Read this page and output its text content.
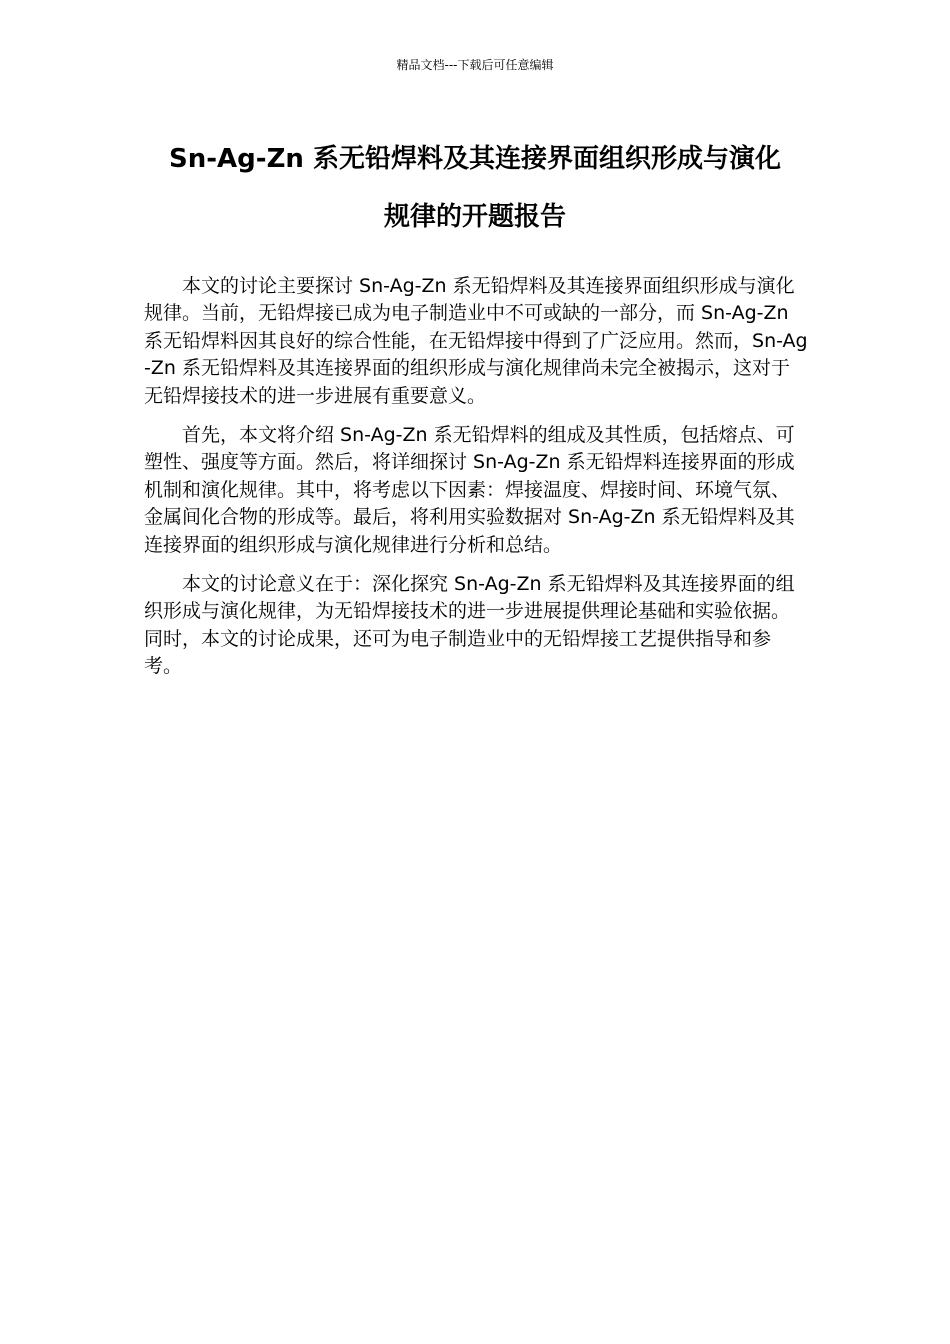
精品文档---下载后可任意编辑
Sn-Ag-Zn 系无铅焊料及其连接界面组织形成与演化
规律的开题报告

本文的讨论主要探讨 Sn-Ag-Zn 系无铅焊料及其连接界面组织形成与演化规律。当前，无铅焊接已成为电子制造业中不可或缺的一部分，而 Sn-Ag-Zn 系无铅焊料因其良好的综合性能，在无铅焊接中得到了广泛应用。然而，Sn-Ag-Zn 系无铅焊料及其连接界面的组织形成与演化规律尚未完全被揭示，这对于无铅焊接技术的进一步进展有重要意义。

首先，本文将介绍 Sn-Ag-Zn 系无铅焊料的组成及其性质，包括熔点、可塑性、强度等方面。然后，将详细探讨 Sn-Ag-Zn 系无铅焊料连接界面的形成机制和演化规律。其中，将考虑以下因素：焊接温度、焊接时间、环境气氛、金属间化合物的形成等。最后，将利用实验数据对 Sn-Ag-Zn 系无铅焊料及其连接界面的组织形成与演化规律进行分析和总结。

本文的讨论意义在于：深化探究 Sn-Ag-Zn 系无铅焊料及其连接界面的组织形成与演化规律，为无铅焊接技术的进一步进展提供理论基础和实验依据。同时，本文的讨论成果，还可为电子制造业中的无铅焊接工艺提供指导和参考。
